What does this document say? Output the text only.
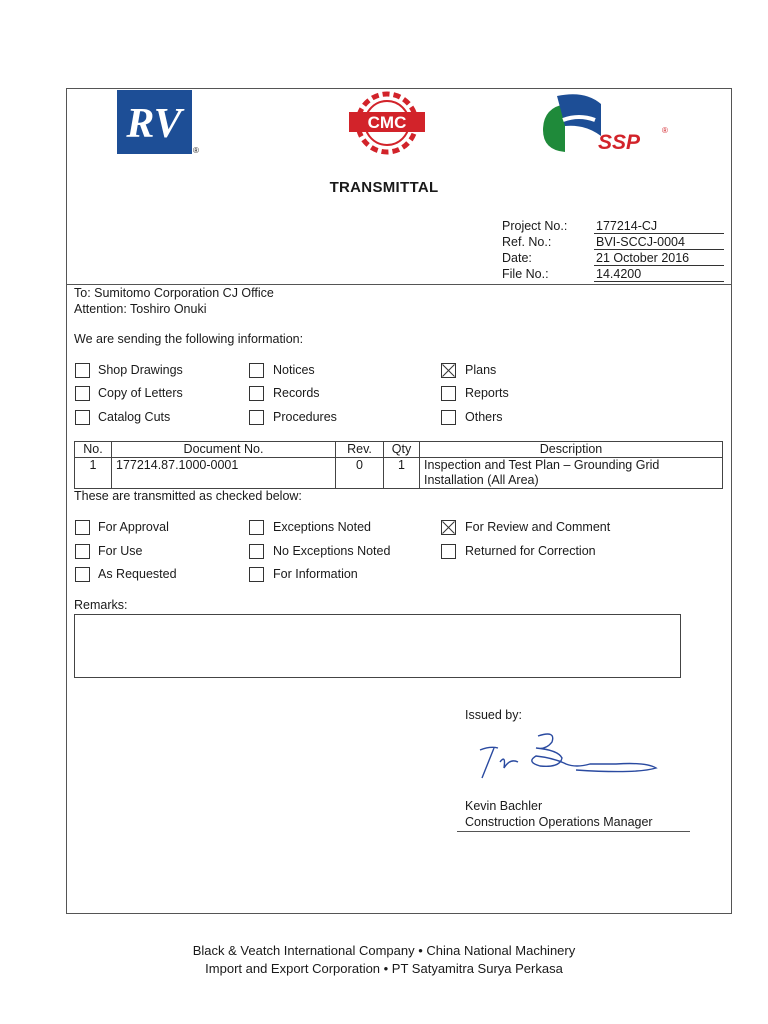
RV
®
CMC
SSP
®
TRANSMITTAL
Project No.: 177214-CJ
Ref. No.:	BVI-SCCJ-0004
Date:	21 October 2016
File No.:	14.4200
To: Sumitomo Corporation CJ Office
Attention: Toshiro Onuki
We are sending the following information:
Shop Drawings	Notices	Plans
Copy of Letters	Records	Reports
Catalog Cuts	Procedures	Others
No.	Document No.	Rev.	Qty	Description
1	177214.87.1000-0001	0	1	Inspection and Test Plan – Grounding Grid Installation (All Area)
These are transmitted as checked below:
For Approval	Exceptions Noted	For Review and Comment
For Use	No Exceptions Noted	Returned for Correction
As Requested	For Information
Remarks:
Issued by:
Kevin Bachler
Construction Operations Manager
Black & Veatch International Company • China National Machinery
Import and Export Corporation • PT Satyamitra Surya Perkasa
